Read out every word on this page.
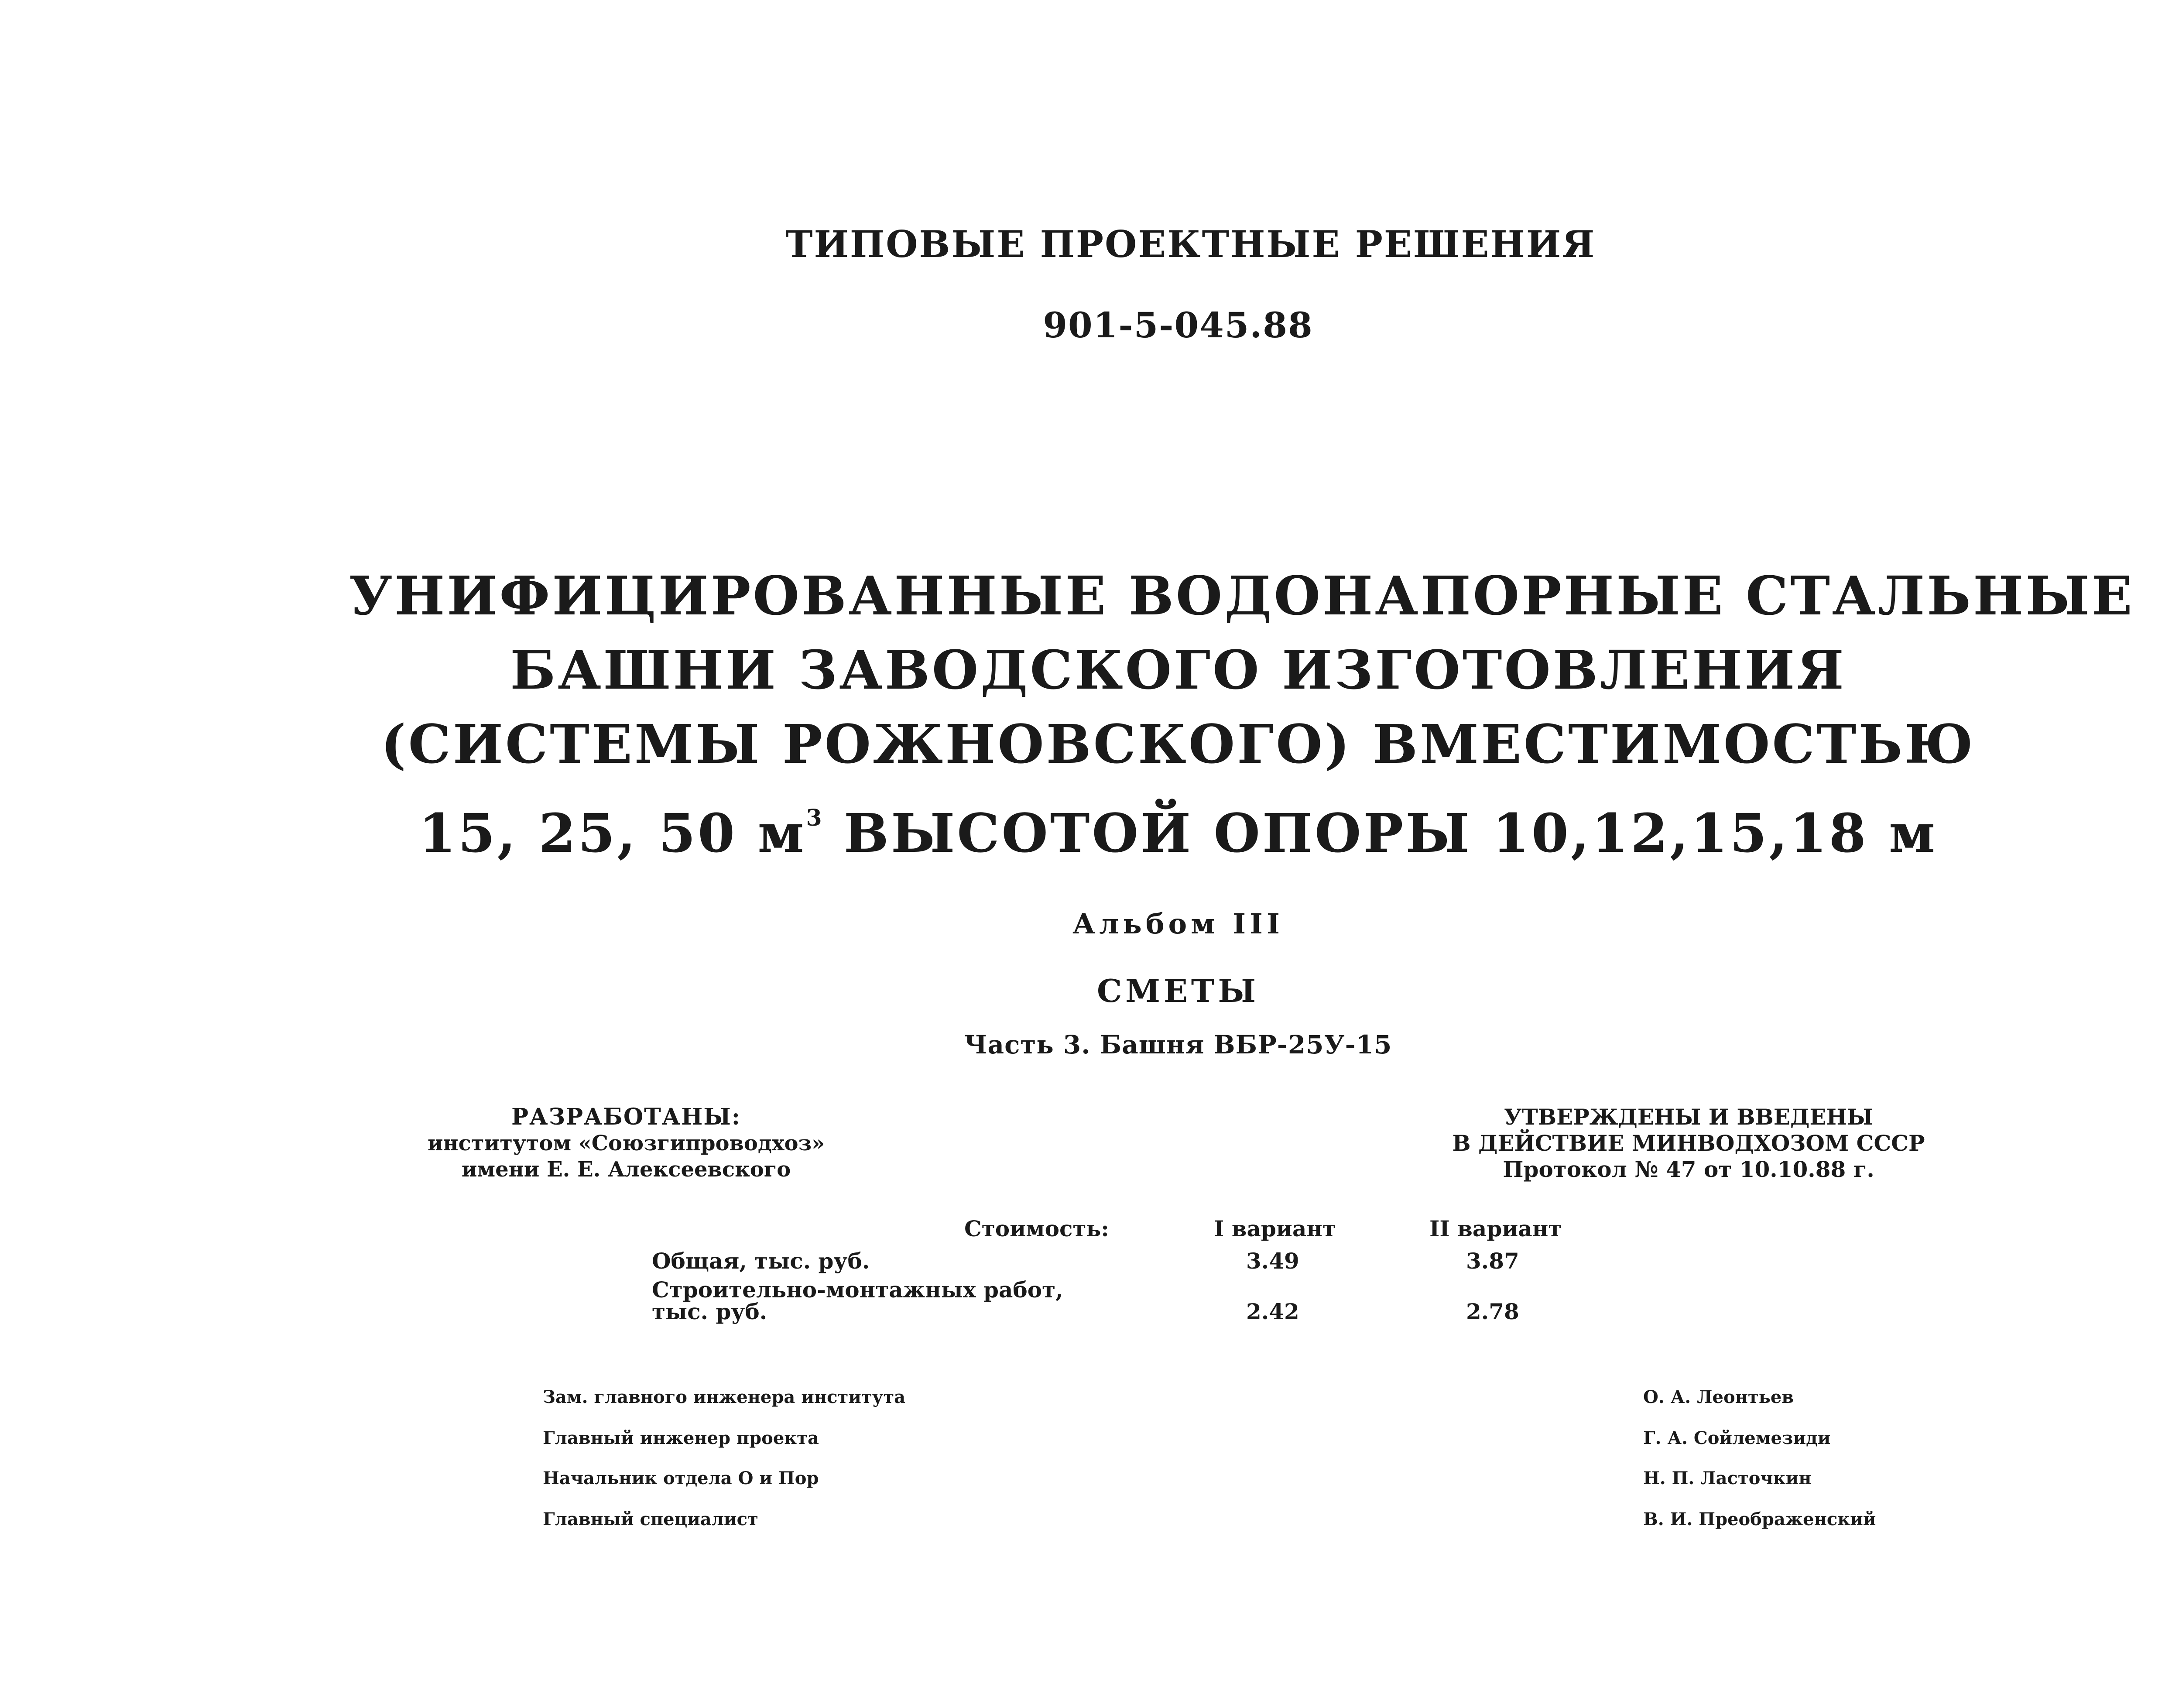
ТИПОВЫЕ ПРОЕКТНЫЕ РЕШЕНИЯ
901-5-045.88
УНИФИЦИРОВАННЫЕ ВОДОНАПОРНЫЕ СТАЛЬНЫЕ
БАШНИ ЗАВОДСКОГО ИЗГОТОВЛЕНИЯ
(СИСТЕМЫ РОЖНОВСКОГО) ВМЕСТИМОСТЬЮ
15, 25, 50 $м^3$ ВЫСОТОЙ ОПОРЫ 10,12,15,18 м
Альбом III
СМЕТЫ
Часть 3. Башня ВБР-25У-15
РАЗРАБОТАНЫ:
институтом «Союзгипроводхоз»
имени Е. Е. Алексеевского
УТВЕРЖДЕНЫ И ВВЕДЕНЫ
В ДЕЙСТВИЕ МИНВОДХОЗОМ СССР
Протокол № 47 от 10.10.88 г.
Стоимость:	I вариант	II вариант
Общая, тыс. руб.	3.49	3.87
Строительно-монтажных работ,
тыс. руб.	2.42	2.78
Зам. главного инженера института	О. А. Леонтьев
Главный инженер проекта	Г. А. Сойлемезиди
Начальник отдела О и Пор	Н. П. Ласточкин
Главный специалист	В. И. Преображенский
